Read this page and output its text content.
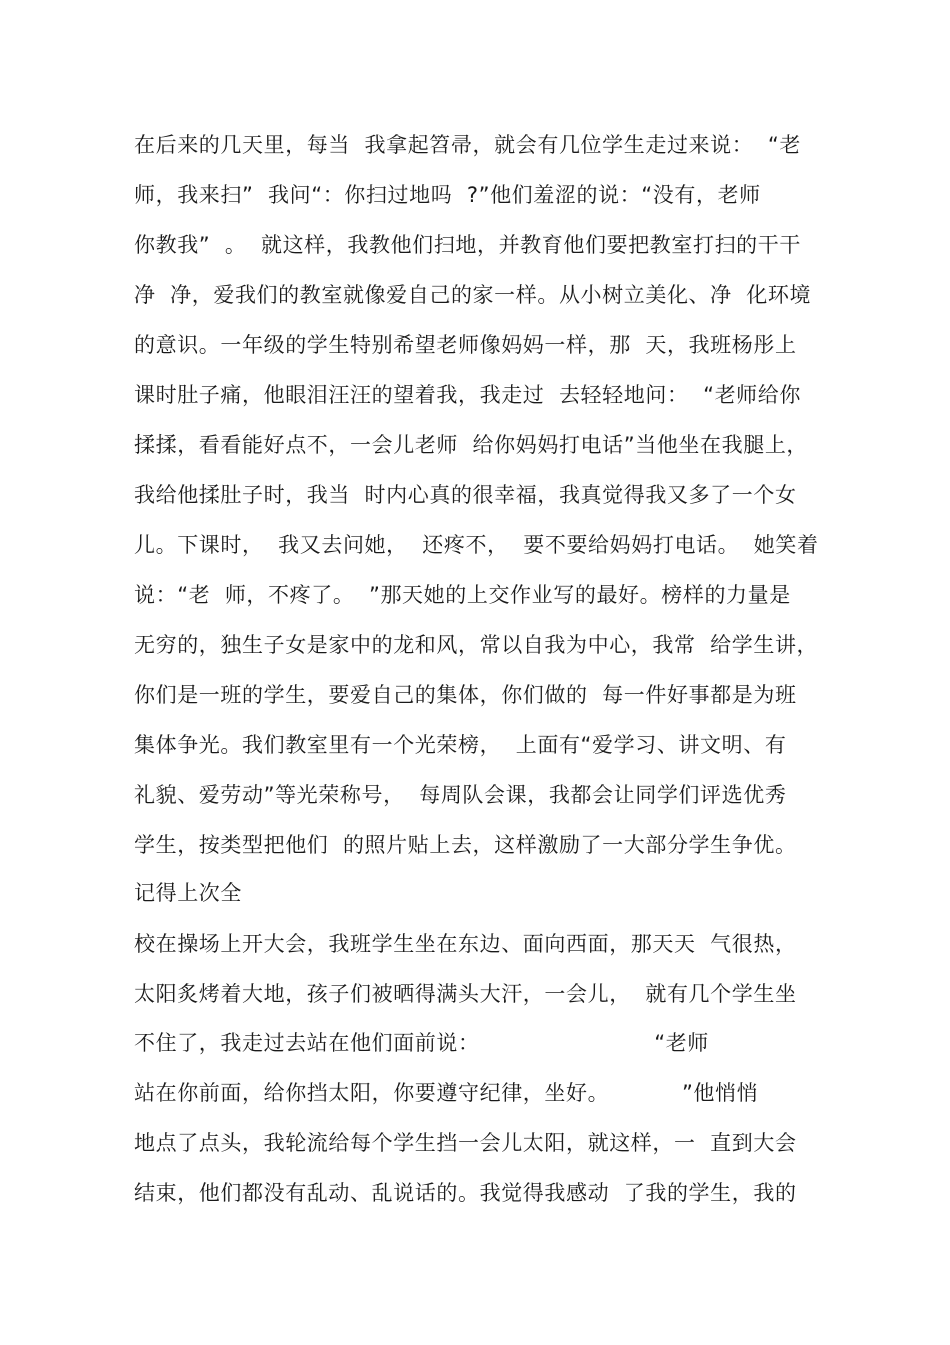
在后来的几天里，每当  我拿起笤帚，就会有几位学生走过来说：  “老
师，我来扫”  我问“：你扫过地吗  ?”他们羞涩的说：“没有，老师
你教我”  。  就这样，我教他们扫地，并教育他们要把教室打扫的干干
净  净，爱我们的教室就像爱自己的家一样。从小树立美化、净  化环境
的意识。一年级的学生特别希望老师像妈妈一样，那  天，我班杨彤上
课时肚子痛，他眼泪汪汪的望着我，我走过  去轻轻地问：  “老师给你
揉揉，看看能好点不，一会儿老师  给你妈妈打电话”当他坐在我腿上，
我给他揉肚子时，我当  时内心真的很幸福，我真觉得我又多了一个女
儿。下课时，  我又去问她，  还疼不，  要不要给妈妈打电话。  她笑着
说：“老  师，不疼了。  ”那天她的上交作业写的最好。榜样的力量是
无穷的，独生子女是家中的龙和风，常以自我为中心，我常  给学生讲，
你们是一班的学生，要爱自己的集体，你们做的  每一件好事都是为班
集体争光。我们教室里有一个光荣榜，  上面有“爱学习、讲文明、有
礼貌、爱劳动”等光荣称号，  每周队会课，我都会让同学们评选优秀
学生，按类型把他们  的照片贴上去，这样激励了一大部分学生争优。
记得上次全
校在操场上开大会，我班学生坐在东边、面向西面，那天天  气很热，
太阳炙烤着大地，孩子们被晒得满头大汗，一会儿，  就有几个学生坐
不住了，我走过去站在他们面前说：                        “老师
站在你前面，给你挡太阳，你要遵守纪律，坐好。          ”他悄悄
地点了点头，我轮流给每个学生挡一会儿太阳，就这样，一  直到大会
结束，他们都没有乱动、乱说话的。我觉得我感动  了我的学生，我的
